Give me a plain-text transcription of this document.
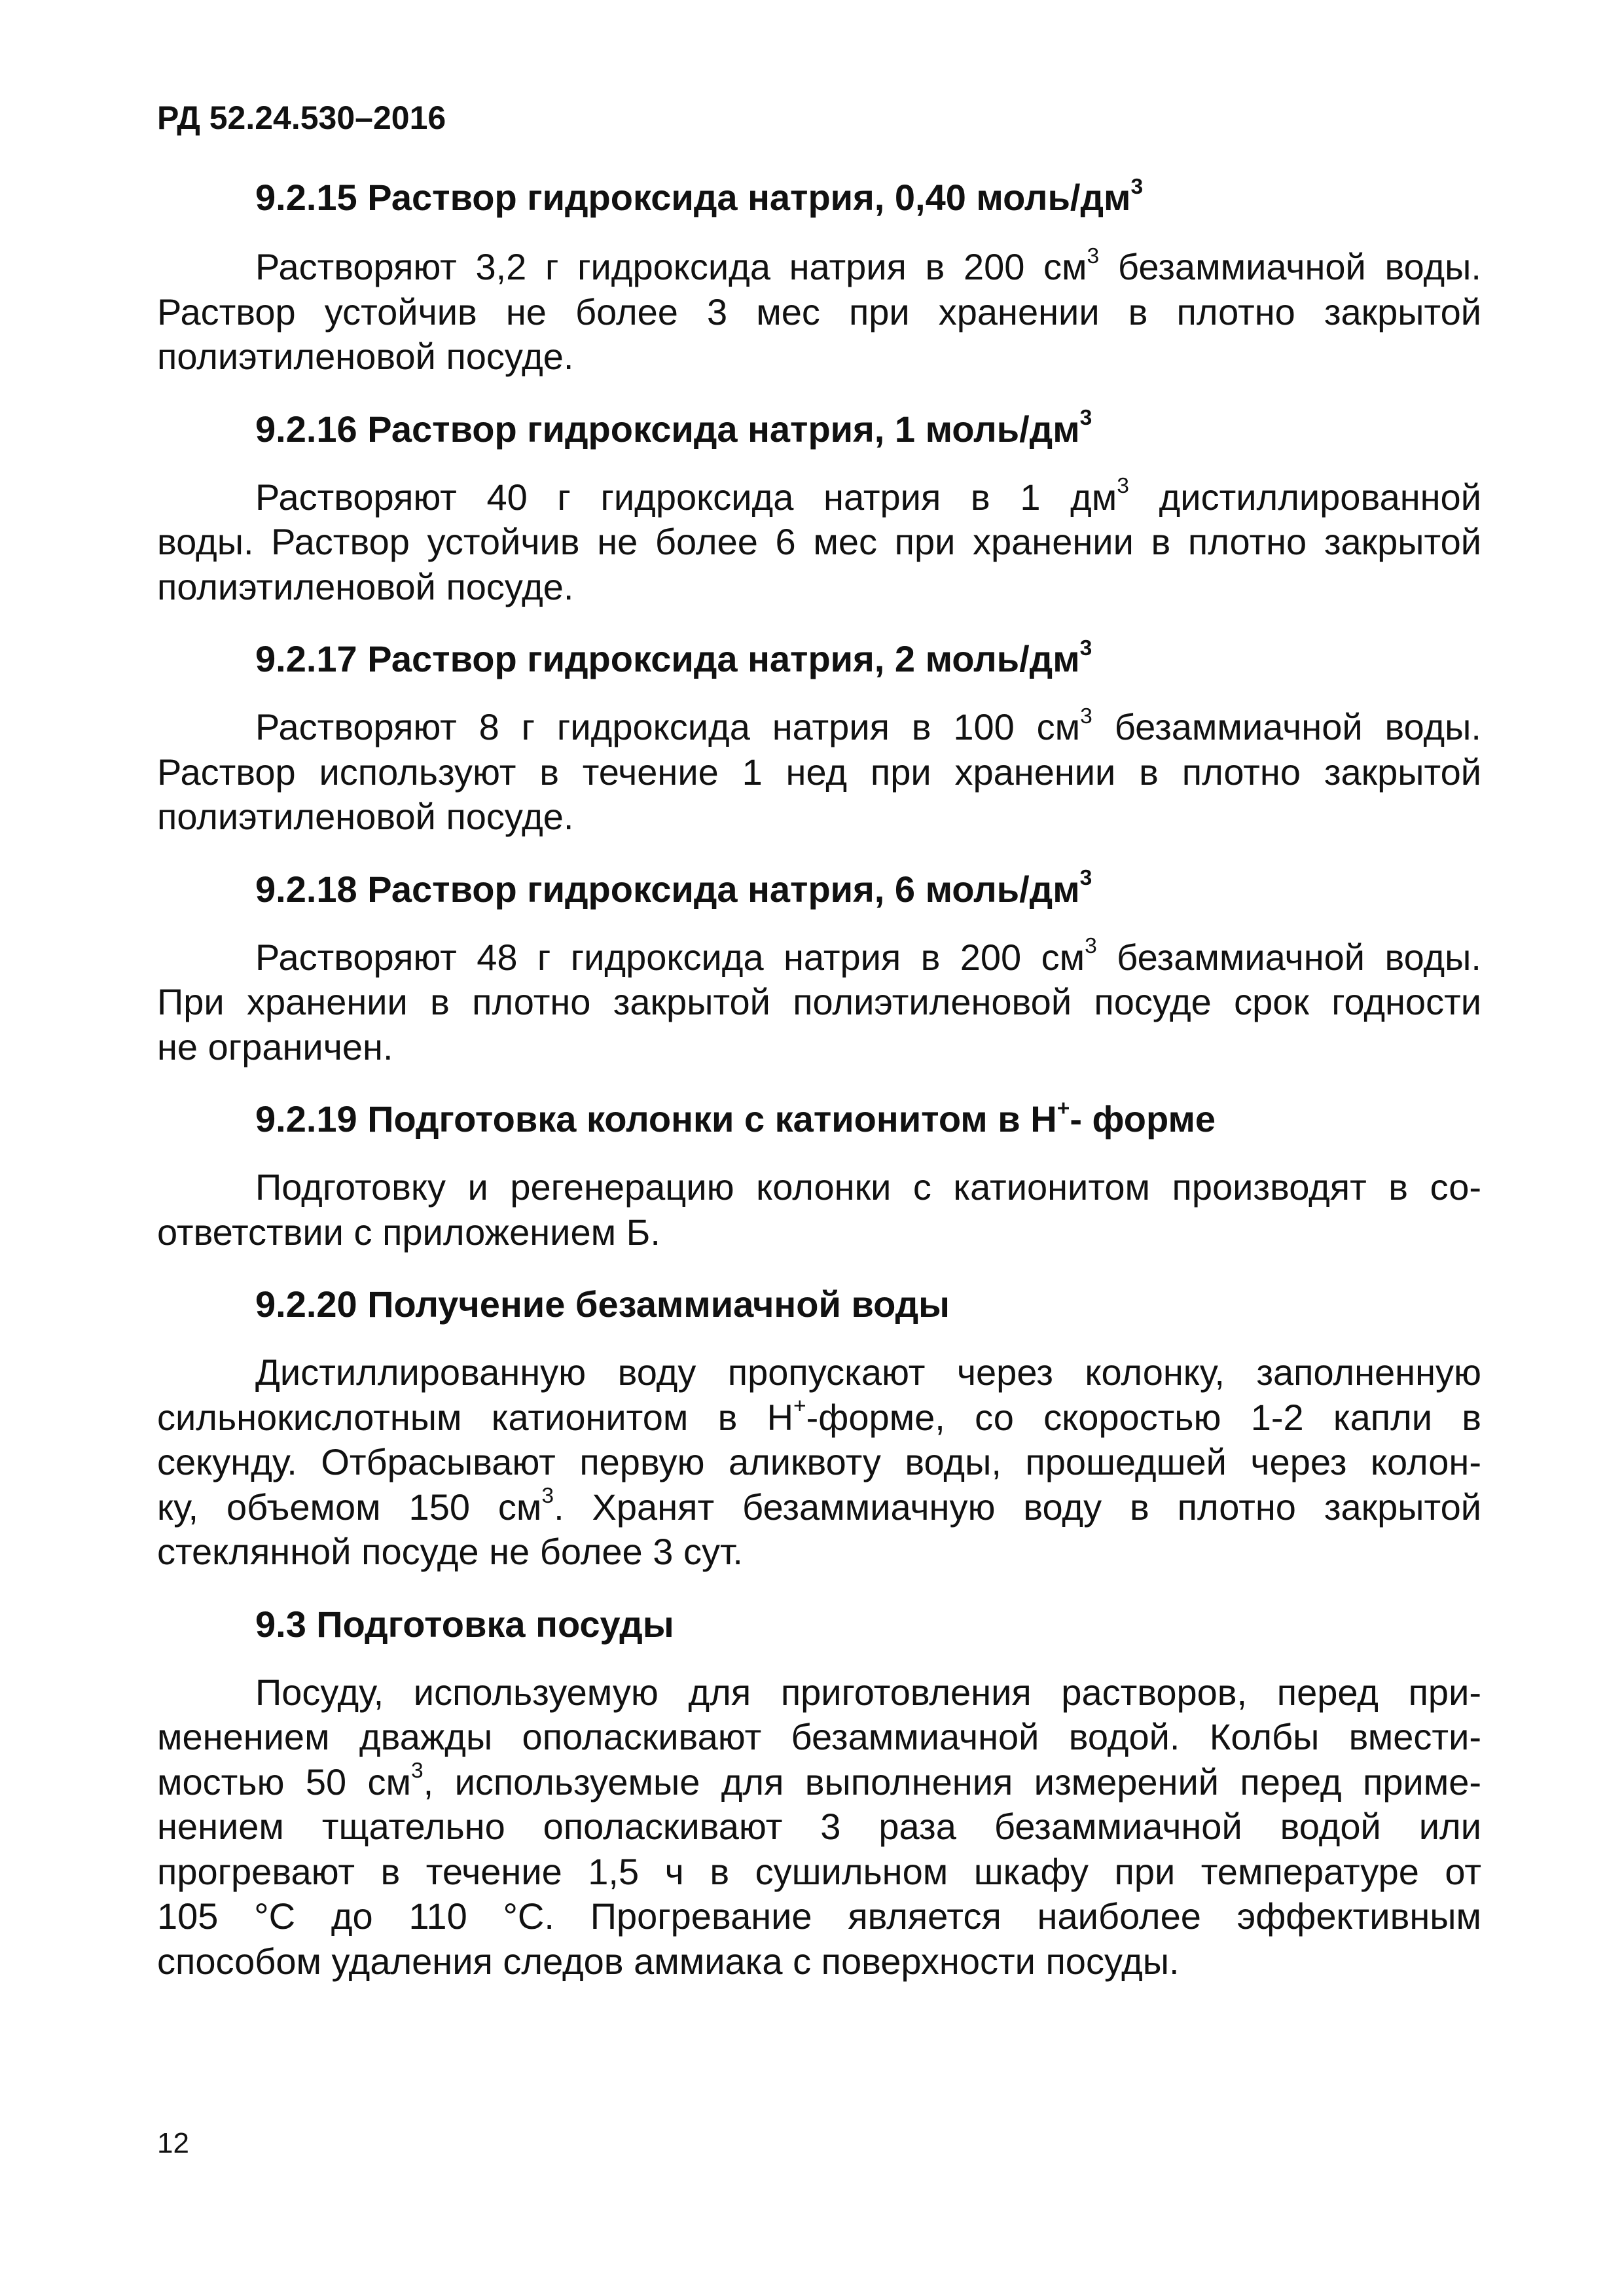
РД 52.24.530–2016

9.2.15 Раствор гидроксида натрия, 0,40 моль/$дм^3$

Растворяют 3,2 г гидроксида натрия в 200 $см^3$ безаммиачной воды.
Раствор устойчив не более 3 мес при хранении в плотно закрытой
полиэтиленовой посуде.

9.2.16 Раствор гидроксида натрия, 1 моль/$дм^3$

Растворяют 40 г гидроксида натрия в 1 $дм^3$ дистиллированной
воды. Раствор устойчив не более 6 мес при хранении в плотно закрытой
полиэтиленовой посуде.

9.2.17 Раствор гидроксида натрия, 2 моль/$дм^3$

Растворяют 8 г гидроксида натрия в 100 $см^3$ безаммиачной воды.
Раствор используют в течение 1 нед при хранении в плотно закрытой
полиэтиленовой посуде.

9.2.18 Раствор гидроксида натрия, 6 моль/$дм^3$

Растворяют 48 г гидроксида натрия в 200 $см^3$ безаммиачной воды.
При хранении в плотно закрытой полиэтиленовой посуде срок годности
не ограничен.

9.2.19 Подготовка колонки с катионитом в H+- форме

Подготовку и регенерацию колонки с катионитом производят в со-
ответствии с приложением Б.

9.2.20 Получение безаммиачной воды

Дистиллированную воду пропускают через колонку, заполненную
сильнокислотным катионитом в H+-форме, со скоростью 1-2 капли в
секунду. Отбрасывают первую аликвоту воды, прошедшей через колон-
ку, объемом 150 $см^3$. Хранят безаммиачную воду в плотно закрытой
стеклянной посуде не более 3 сут.

9.3 Подготовка посуды

Посуду, используемую для приготовления растворов, перед при-
менением дважды ополаскивают безаммиачной водой. Колбы вмести-
мостью 50 $см^3$, используемые для выполнения измерений перед приме-
нением тщательно ополаскивают 3 раза безаммиачной водой или
прогревают в течение 1,5 ч в сушильном шкафу при температуре от
105 °С до 110 °С. Прогревание является наиболее эффективным
способом удаления следов аммиака с поверхности посуды.

12
